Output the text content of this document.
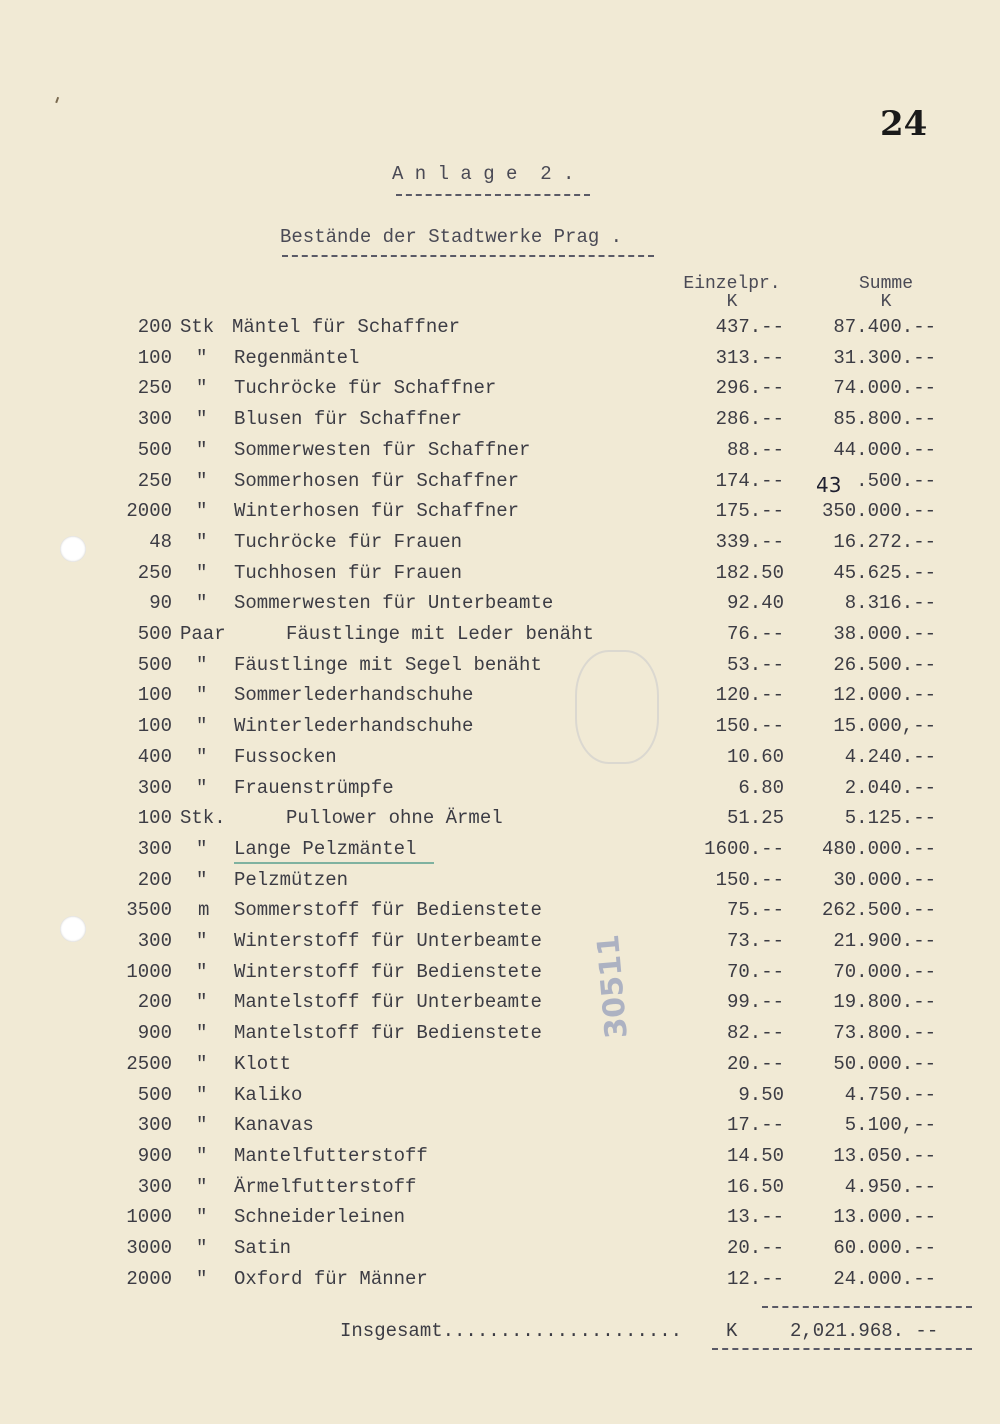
24
A n l a g e  2 .
Bestände der Stadtwerke Prag .
Einzelpr.
K
Summe
K
200 Stk Mäntel für Schaffner	437.--	87.400.--
100 "	Regenmäntel	313.--	31.300.--
250 "	Tuchröcke für Schaffner	296.--	74.000.--
300 "	Blusen für Schaffner	286.--	85.800.--
500 "	Sommerwesten für Schaffner	88.--	44.000.--
250 "	Sommerhosen für Schaffner	174.--	.500.--
2000 "	Winterhosen für Schaffner	175.--	350.000.--
48 "	Tuchröcke für Frauen	339.--	16.272.--
250 "	Tuchhosen für Frauen	182.50	45.625.--
90 "	Sommerwesten für Unterbeamte	92.40	8.316.--
500 Paar	Fäustlinge mit Leder benäht	76.--	38.000.--
500 "	Fäustlinge mit Segel benäht	53.--	26.500.--
100 "	Sommerlederhandschuhe	120.--	12.000.--
100 "	Winterlederhandschuhe	150.--	15.000,--
400 "	Fussocken	10.60	4.240.--
300 "	Frauenstrümpfe	6.80	2.040.--
100 Stk.	Pullower ohne Ärmel	51.25	5.125.--
300 "	Lange Pelzmäntel	1600.--	480.000.--
200 "	Pelzmützen	150.--	30.000.--
3500 m	Sommerstoff für Bedienstete	75.--	262.500.--
300 "	Winterstoff für Unterbeamte	73.--	21.900.--
1000 "	Winterstoff für Bedienstete	70.--	70.000.--
200 "	Mantelstoff für Unterbeamte	99.--	19.800.--
900 "	Mantelstoff für Bedienstete	82.--	73.800.--
2500 "	Klott	20.--	50.000.--
500 "	Kaliko	9.50	4.750.--
300 "	Kanavas	17.--	5.100,--
900 "	Mantelfutterstoff	14.50	13.050.--
300 "	Ärmelfutterstoff	16.50	4.950.--
1000 "	Schneiderleinen	13.--	13.000.--
3000 "	Satin	20.--	60.000.--
2000 "	Oxford für Männer	12.--	24.000.--
43
30511
Insgesamt..................... K	2,021.968. --
